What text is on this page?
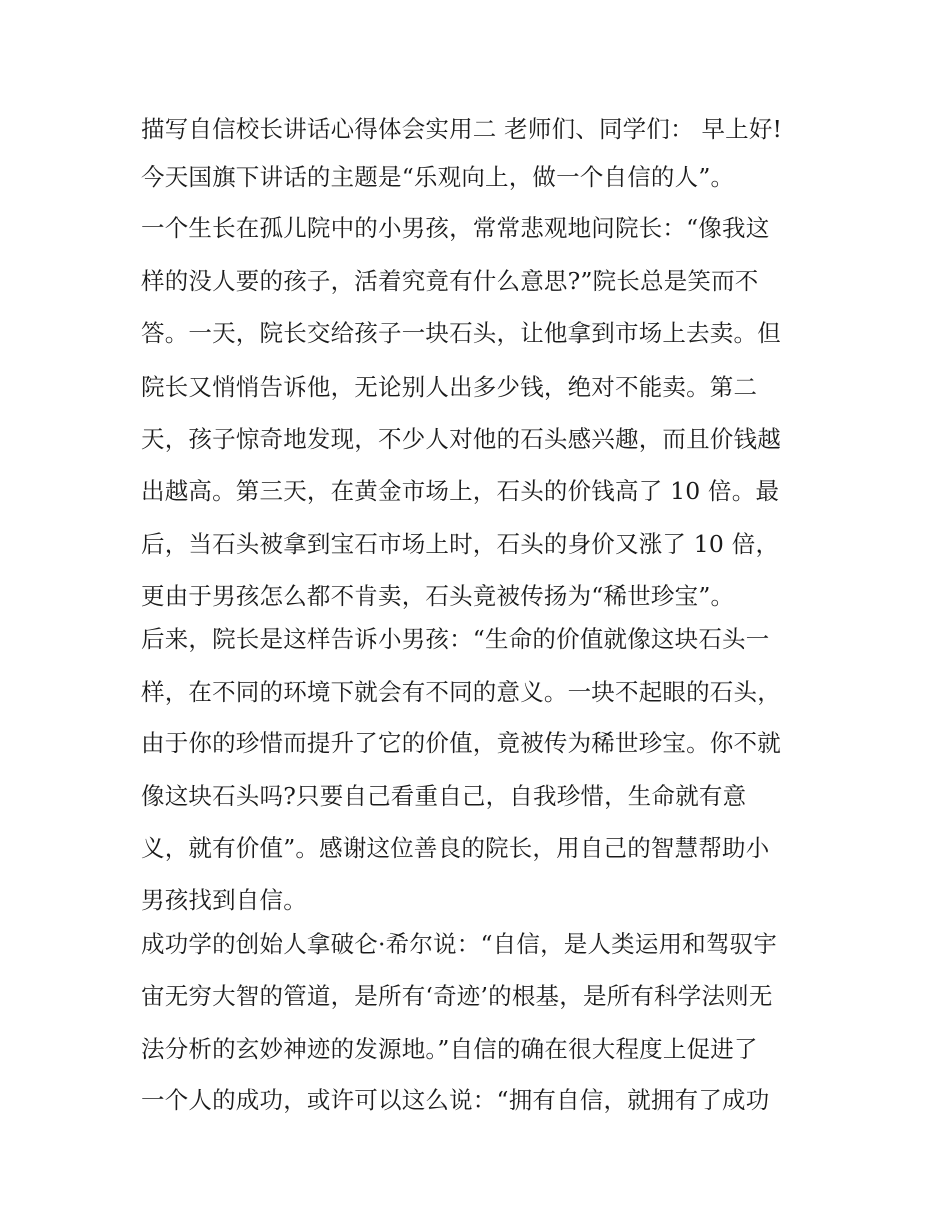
描写自信校长讲话心得体会实用二 老师们、同学们： 早上好!

今天国旗下讲话的主题是“乐观向上，做一个自信的人”。

一个生长在孤儿院中的小男孩，常常悲观地问院长：“像我这

样的没人要的孩子，活着究竟有什么意思?”院长总是笑而不

答。一天，院长交给孩子一块石头，让他拿到市场上去卖。但

院长又悄悄告诉他，无论别人出多少钱，绝对不能卖。第二

天，孩子惊奇地发现，不少人对他的石头感兴趣，而且价钱越

出越高。第三天，在黄金市场上，石头的价钱高了 10 倍。最

后，当石头被拿到宝石市场上时，石头的身价又涨了 10 倍，

更由于男孩怎么都不肯卖，石头竟被传扬为“稀世珍宝”。

后来，院长是这样告诉小男孩：“生命的价值就像这块石头一

样，在不同的环境下就会有不同的意义。一块不起眼的石头，

由于你的珍惜而提升了它的价值，竟被传为稀世珍宝。你不就

像这块石头吗?只要自己看重自己，自我珍惜，生命就有意

义，就有价值”。感谢这位善良的院长，用自己的智慧帮助小

男孩找到自信。

成功学的创始人拿破仑·希尔说：“自信，是人类运用和驾驭宇

宙无穷大智的管道，是所有‘奇迹’的根基，是所有科学法则无

法分析的玄妙神迹的发源地。”自信的确在很大程度上促进了

一个人的成功，或许可以这么说：“拥有自信，就拥有了成功
